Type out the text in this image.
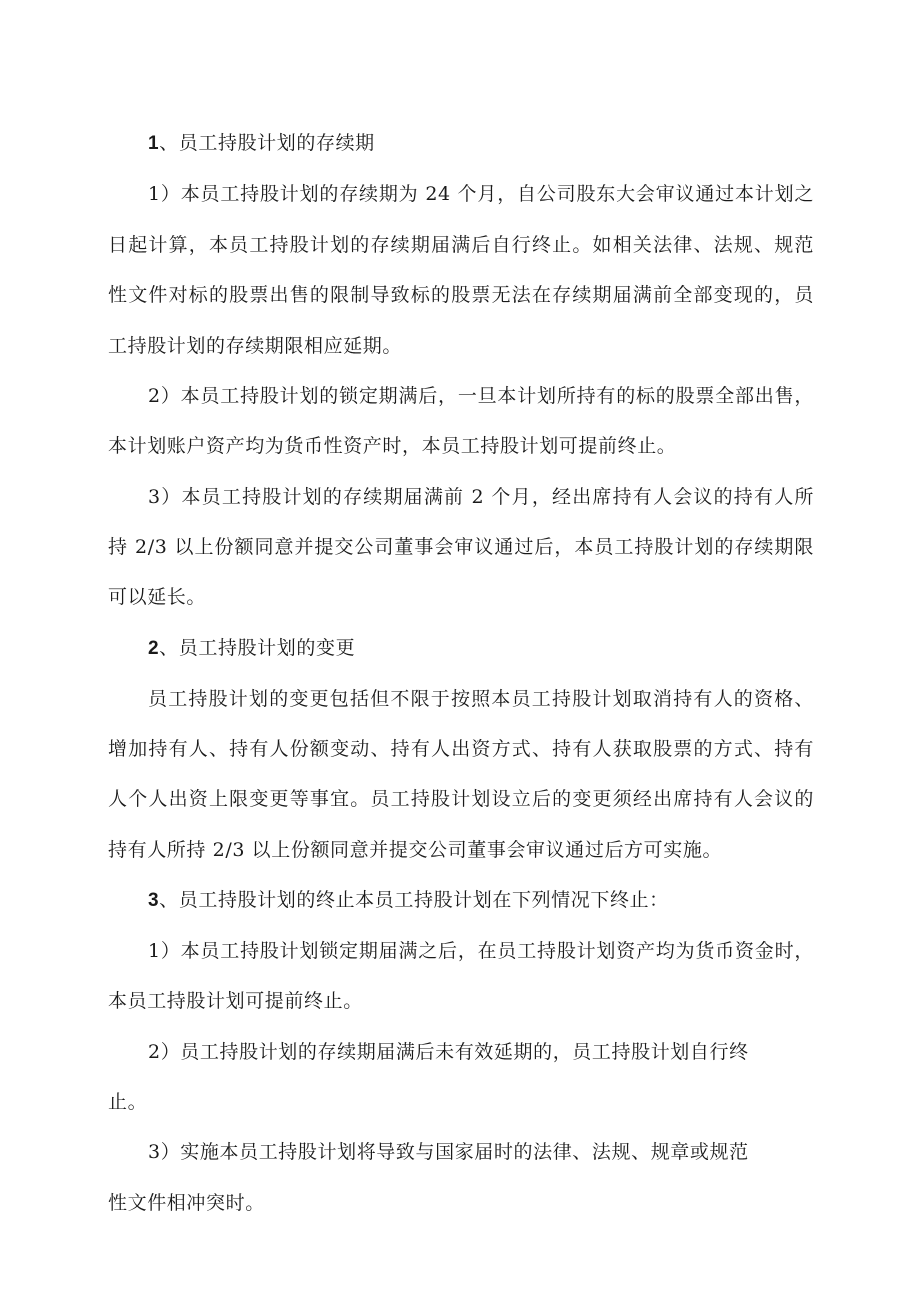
1、员工持股计划的存续期
1）本员工持股计划的存续期为 24 个月，自公司股东大会审议通过本计划之
日起计算，本员工持股计划的存续期届满后自行终止。如相关法律、法规、规范
性文件对标的股票出售的限制导致标的股票无法在存续期届满前全部变现的，员
工持股计划的存续期限相应延期。
2）本员工持股计划的锁定期满后，一旦本计划所持有的标的股票全部出售，
本计划账户资产均为货币性资产时，本员工持股计划可提前终止。
3）本员工持股计划的存续期届满前 2 个月，经出席持有人会议的持有人所
持 2/3 以上份额同意并提交公司董事会审议通过后，本员工持股计划的存续期限
可以延长。
2、员工持股计划的变更
员工持股计划的变更包括但不限于按照本员工持股计划取消持有人的资格、
增加持有人、持有人份额变动、持有人出资方式、持有人获取股票的方式、持有
人个人出资上限变更等事宜。员工持股计划设立后的变更须经出席持有人会议的
持有人所持 2/3 以上份额同意并提交公司董事会审议通过后方可实施。
3、员工持股计划的终止本员工持股计划在下列情况下终止：
1）本员工持股计划锁定期届满之后，在员工持股计划资产均为货币资金时，
本员工持股计划可提前终止。
2）员工持股计划的存续期届满后未有效延期的，员工持股计划自行终
止。
3）实施本员工持股计划将导致与国家届时的法律、法规、规章或规范
性文件相冲突时。
